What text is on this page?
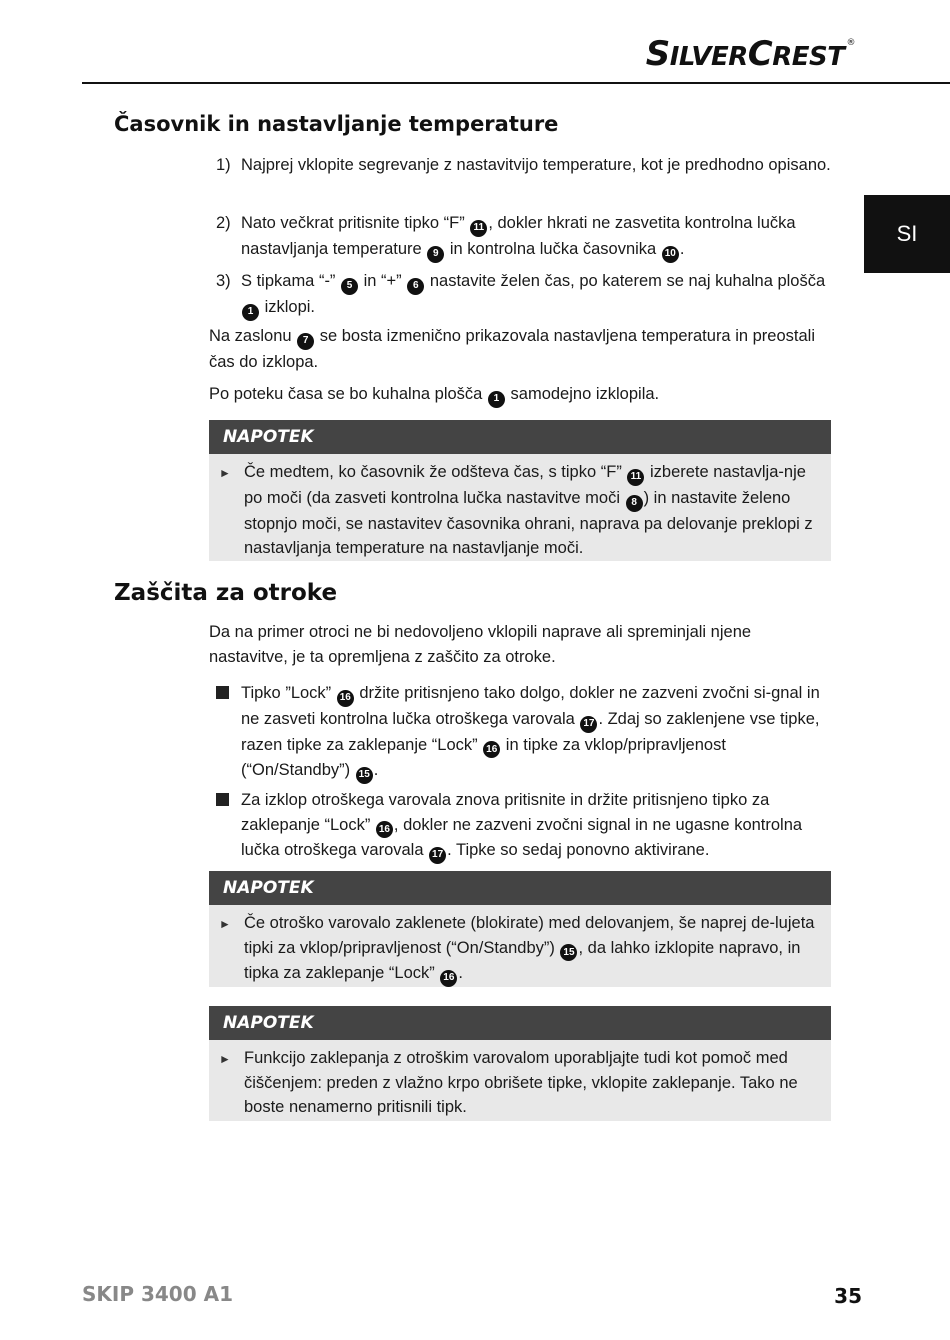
SILVERCREST ®
SI
Časovnik in nastavljanje temperature
1) Najprej vklopite segrevanje z nastavitvijo temperature, kot je predhodno opisano.
2) Nato večkrat pritisnite tipko “F” 11 , dokler hkrati ne zasvetita kontrolna lučka nastavljanja temperature 9 in kontrolna lučka časovnika 10 .
3) S tipkama “-” 5 in “+” 6 nastavite želen čas, po katerem se naj kuhalna plošča 1 izklopi.
Na zaslonu 7 se bosta izmenično prikazovala nastavljena temperatura in preostali čas do izklopa.
Po poteku časa se bo kuhalna plošča 1 samodejno izklopila.
NAPOTEK
► Če medtem, ko časovnik že odšteva čas, s tipko “F” 11 izberete nastavlja-nje po moči (da zasveti kontrolna lučka nastavitve moči 8 ) in nastavite želeno stopnjo moči, se nastavitev časovnika ohrani, naprava pa delovanje preklopi z nastavljanja temperature na nastavljanje moči.
Zaščita za otroke
Da na primer otroci ne bi nedovoljeno vklopili naprave ali spreminjali njene nastavitve, je ta opremljena z zaščito za otroke.
Tipko ”Lock” 16 držite pritisnjeno tako dolgo, dokler ne zazveni zvočni si-gnal in ne zasveti kontrolna lučka otroškega varovala 17 . Zdaj so zaklenjene vse tipke, razen tipke za zaklepanje “Lock” 16 in tipke za vklop/pripravljenost (“On/Standby”) 15 .
Za izklop otroškega varovala znova pritisnite in držite pritisnjeno tipko za zaklepanje “Lock” 16 , dokler ne zazveni zvočni signal in ne ugasne kontrolna lučka otroškega varovala 17 . Tipke so sedaj ponovno aktivirane.
NAPOTEK
► Če otroško varovalo zaklenete (blokirate) med delovanjem, še naprej de-lujeta tipki za vklop/pripravljenost (“On/Standby”) 15 , da lahko izklopite napravo, in tipka za zaklepanje “Lock” 16 .
NAPOTEK
► Funkcijo zaklepanja z otroškim varovalom uporabljajte tudi kot pomoč med čiščenjem: preden z vlažno krpo obrišete tipke, vklopite zaklepanje. Tako ne boste nenamerno pritisnili tipk.
SKIP 3400 A1	35
